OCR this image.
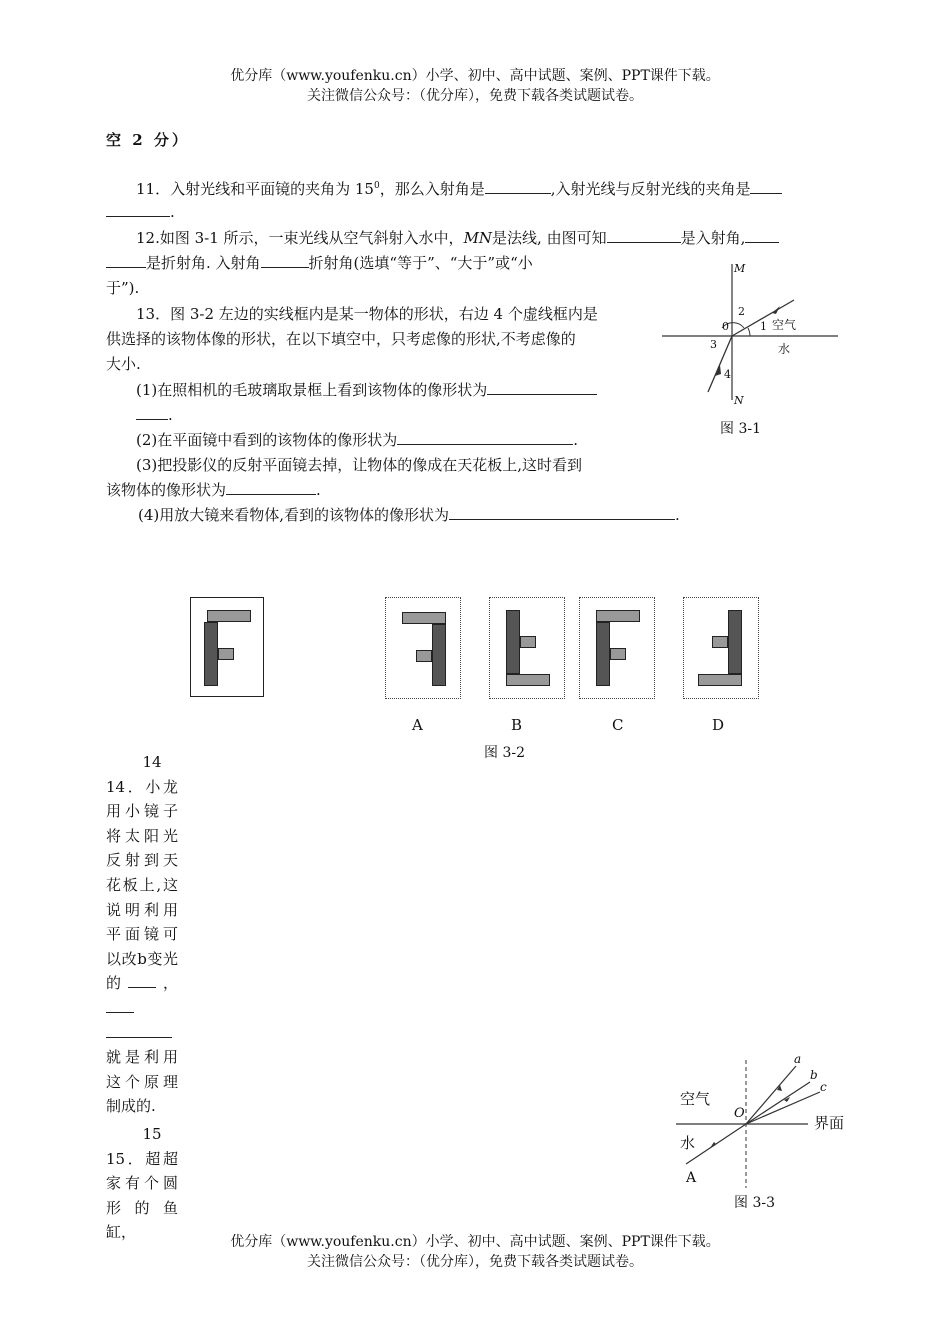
优分库（www.youfenku.cn）小学、初中、高中试题、案例、PPT课件下载。
关注微信公众号：（优分库），免费下载各类试题试卷。
空 2 分）
11．入射光线和平面镜的夹角为 $15^0$，那么入射角是	,入射光线与反射光线的夹角是
.
12.如图 3-1 所示，一束光线从空气斜射入水中，MN是法线, 由图可知	是入射角,
是折射角. 入射角	折射角(选填“等于”、“大于”或“小
于”).
13．图 3-2 左边的实线框内是某一物体的形状，右边 4 个虚线框内是
供选择的该物体像的形状，在以下填空中，只考虑像的形状,不考虑像的
大小.
(1)在照相机的毛玻璃取景框上看到该物体的像形状为
.
(2)在平面镜中看到的该物体的像形状为	.
(3)把投影仪的反射平面镜去掉，让物体的像成在天花板上,这时看到
该物体的像形状为	.
(4)用放大镜来看物体,看到的该物体的像形状为	.
M
N
0	1
2
3
4
空气
水
图 3-1
A	B	C	D
图 3-2
14
14．小龙用小镜子将太阳光反射到天花板上,这说明利用平面镜可以改b变光的 ，就是利用这个原理制成的.
15
15．超超家有个圆形的鱼缸，
空气
水
O
界面
a
b
c
A
图 3-3
优分库（www.youfenku.cn）小学、初中、高中试题、案例、PPT课件下载。
关注微信公众号：（优分库），免费下载各类试题试卷。
